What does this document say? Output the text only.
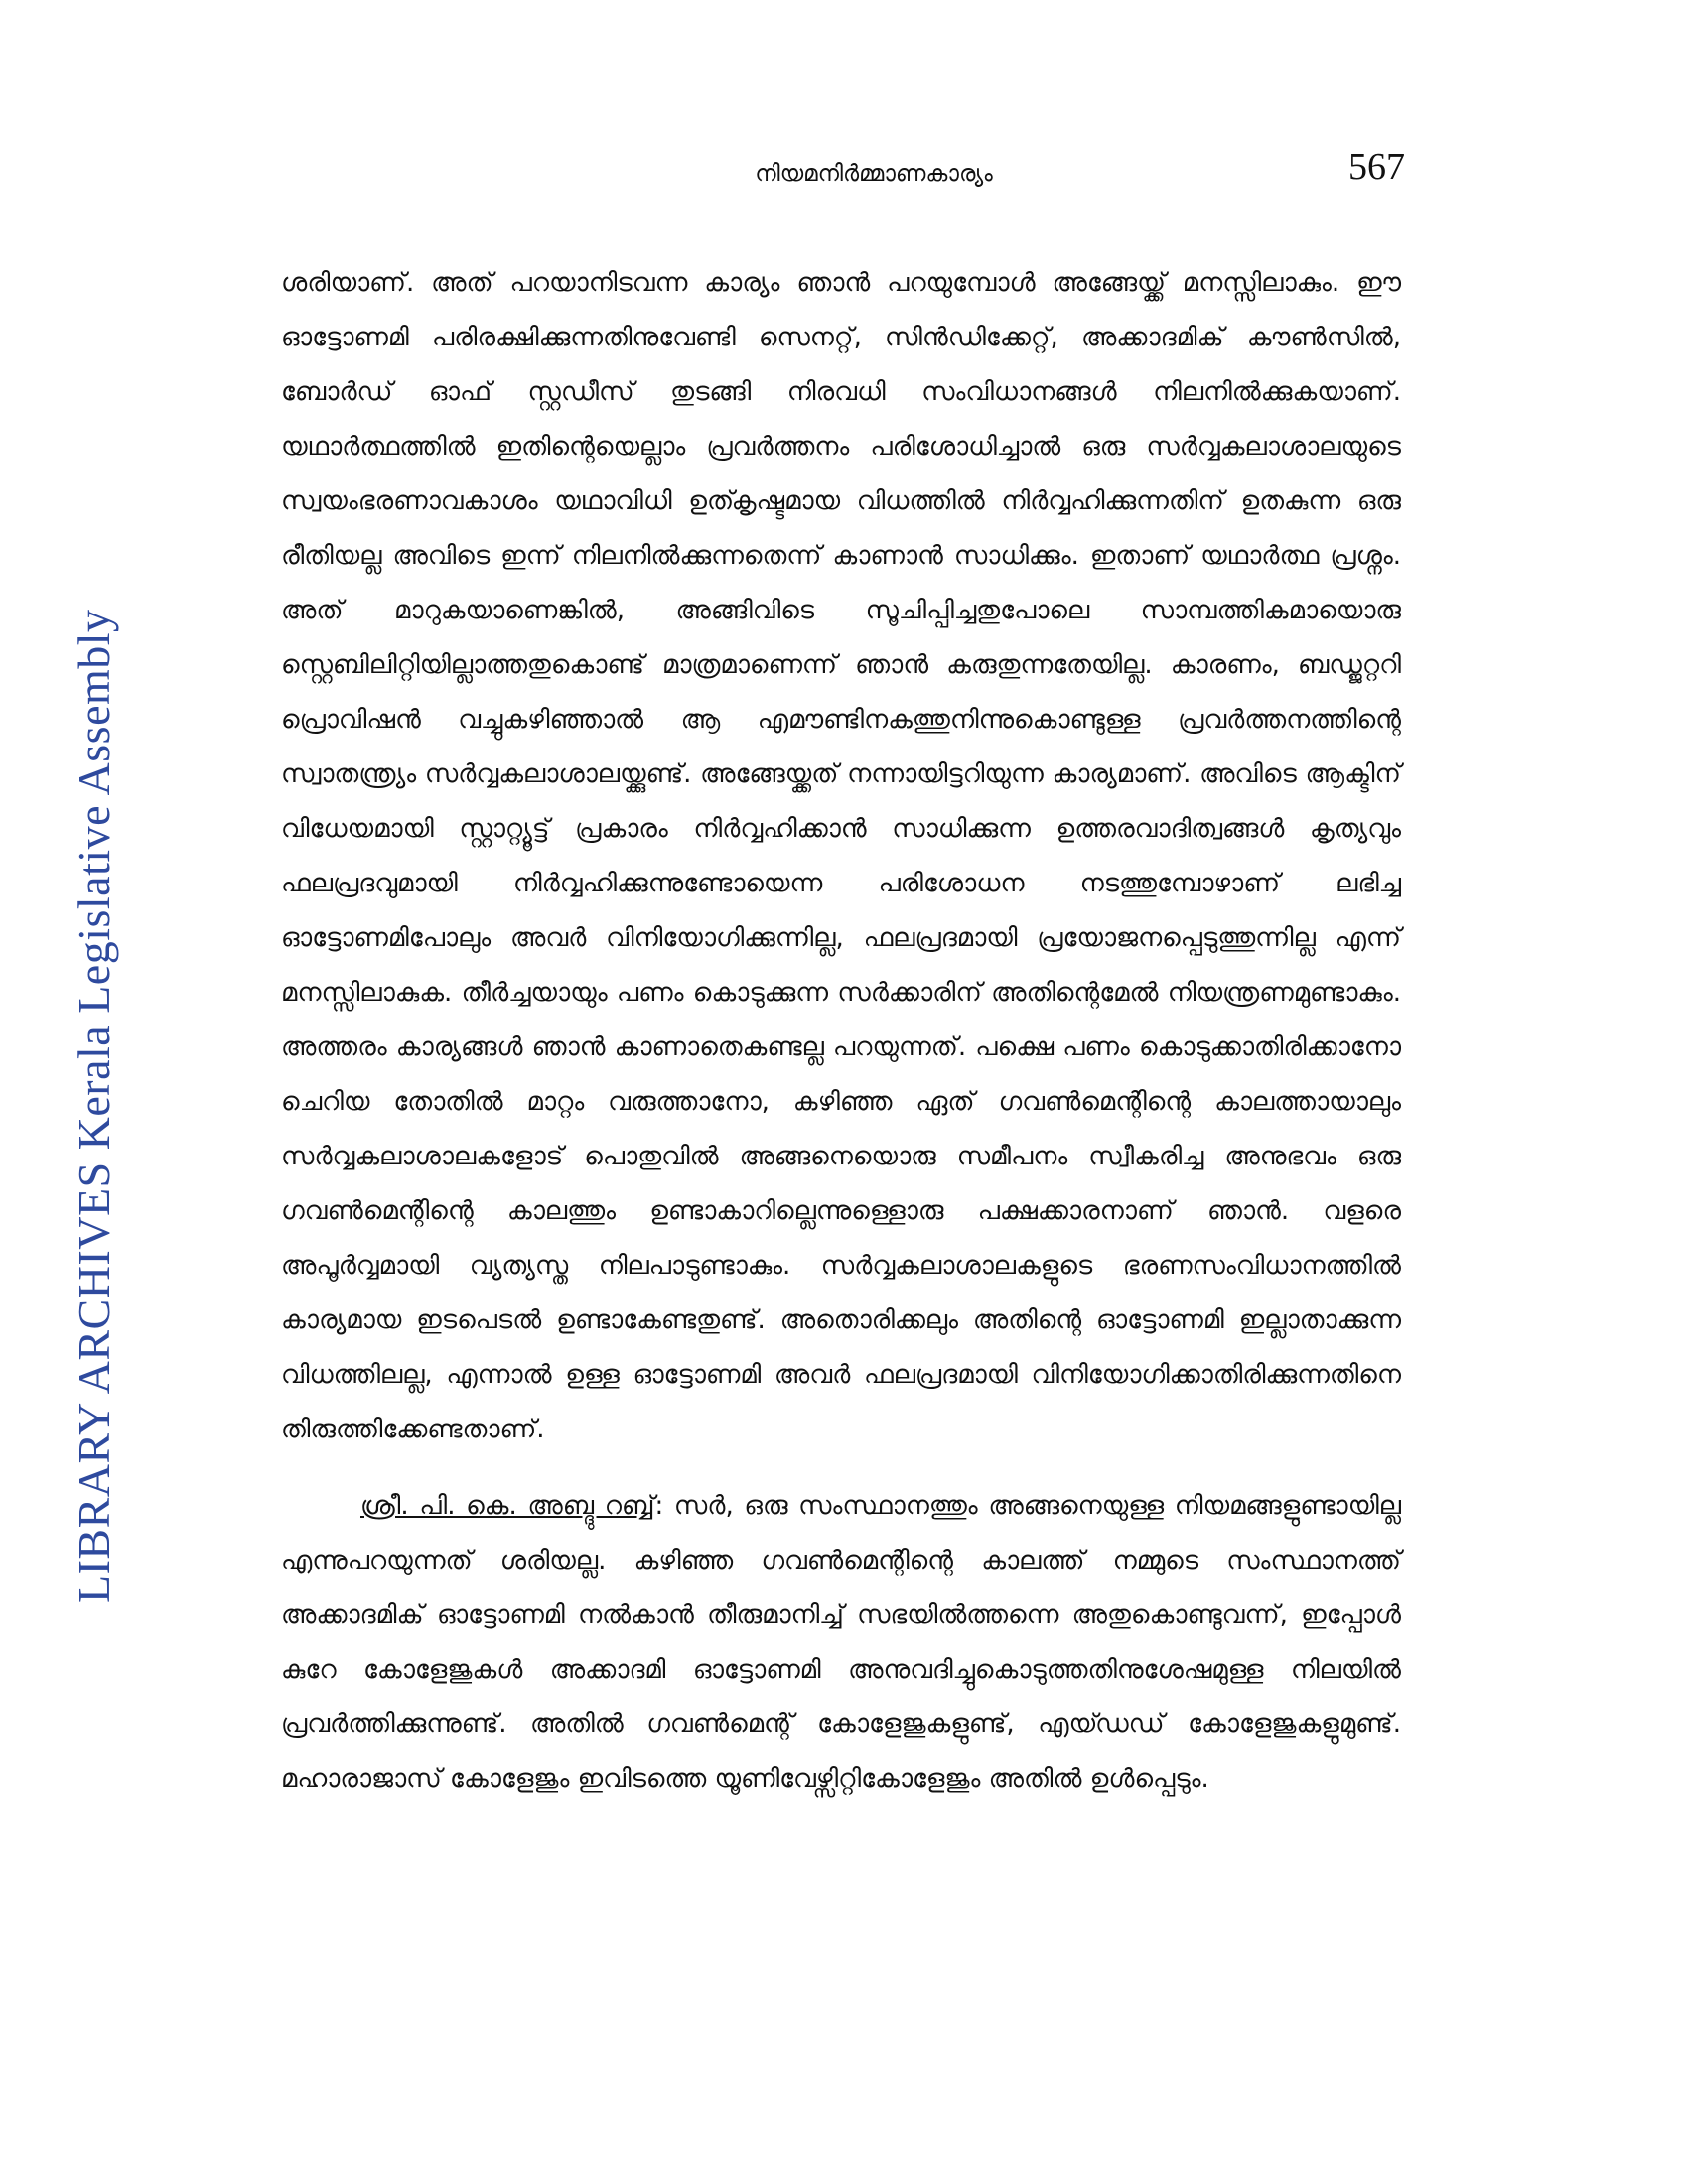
LIBRARY ARCHIVES Kerala Legislative Assembly
നിയമനിർമ്മാണകാര്യം	567

ശരിയാണ്. അത് പറയാനിടവന്ന കാര്യം ഞാൻ പറയുമ്പോൾ അങ്ങേയ്ക്ക് മനസ്സിലാകും. ഈ ഓട്ടോണമി പരിരക്ഷിക്കുന്നതിനുവേണ്ടി സെനറ്റ്, സിൻഡിക്കേറ്റ്, അക്കാദമിക് കൗൺസിൽ, ബോർഡ് ഓഫ് സ്റ്റഡീസ് തുടങ്ങി നിരവധി സംവിധാനങ്ങൾ നിലനിൽക്കുകയാണ്. യഥാർത്ഥത്തിൽ ഇതിന്റെയെല്ലാം പ്രവർത്തനം പരിശോധിച്ചാൽ ഒരു സർവ്വകലാശാലയുടെ സ്വയംഭരണാവകാശം യഥാവിധി ഉത്കൃഷ്ടമായ വിധത്തിൽ നിർവ്വഹിക്കുന്നതിന് ഉതകുന്ന ഒരു രീതിയല്ല അവിടെ ഇന്ന് നിലനിൽക്കുന്നതെന്ന് കാണാൻ സാധിക്കും. ഇതാണ് യഥാർത്ഥ പ്രശ്നം. അത് മാറുകയാണെങ്കിൽ, അങ്ങിവിടെ സൂചിപ്പിച്ചതുപോലെ സാമ്പത്തികമായൊരു സ്റ്റെബിലിറ്റിയില്ലാത്തതുകൊണ്ട് മാത്രമാണെന്ന് ഞാൻ കരുതുന്നതേയില്ല. കാരണം, ബഡ്ജറ്ററി പ്രൊവിഷൻ വച്ചുകഴിഞ്ഞാൽ ആ എമൗണ്ടിനകത്തുനിന്നുകൊണ്ടുള്ള പ്രവർത്തനത്തിന്റെ സ്വാതന്ത്ര്യം സർവ്വകലാശാലയ്ക്കുണ്ട്. അങ്ങേയ്ക്കത് നന്നായിട്ടറിയുന്ന കാര്യമാണ്. അവിടെ ആക്ടിന് വിധേയമായി സ്റ്റാറ്റ്യൂട്ട് പ്രകാരം നിർവ്വഹിക്കാൻ സാധിക്കുന്ന ഉത്തരവാദിത്വങ്ങൾ കൃത്യവും ഫലപ്രദവുമായി നിർവ്വഹിക്കുന്നുണ്ടോയെന്ന പരിശോധന നടത്തുമ്പോഴാണ് ലഭിച്ച ഓട്ടോണമിപോലും അവർ വിനിയോഗിക്കുന്നില്ല, ഫലപ്രദമായി പ്രയോജനപ്പെടുത്തുന്നില്ല എന്ന് മനസ്സിലാകുക. തീർച്ചയായും പണം കൊടുക്കുന്ന സർക്കാരിന് അതിന്റെമേൽ നിയന്ത്രണമുണ്ടാകും. അത്തരം കാര്യങ്ങൾ ഞാൻ കാണാതെകണ്ടല്ല പറയുന്നത്. പക്ഷെ പണം കൊടുക്കാതിരിക്കാനോ ചെറിയ തോതിൽ മാറ്റം വരുത്താനോ, കഴിഞ്ഞ ഏത് ഗവൺമെന്റിന്റെ കാലത്തായാലും സർവ്വകലാശാലകളോട് പൊതുവിൽ അങ്ങനെയൊരു സമീപനം സ്വീകരിച്ച അനുഭവം ഒരു ഗവൺമെന്റിന്റെ കാലത്തും ഉണ്ടാകാറില്ലെന്നുള്ളൊരു പക്ഷക്കാരനാണ് ഞാൻ. വളരെ അപൂർവ്വമായി വ്യത്യസ്ത നിലപാടുണ്ടാകും. സർവ്വകലാശാലകളുടെ ഭരണസംവിധാനത്തിൽ കാര്യമായ ഇടപെടൽ ഉണ്ടാകേണ്ടതുണ്ട്. അതൊരിക്കലും അതിന്റെ ഓട്ടോണമി ഇല്ലാതാക്കുന്ന വിധത്തിലല്ല, എന്നാൽ ഉള്ള ഓട്ടോണമി അവർ ഫലപ്രദമായി വിനിയോഗിക്കാതിരിക്കുന്നതിനെ തിരുത്തിക്കേണ്ടതാണ്.

ശ്രീ. പി. കെ. അബ്ദു റബ്ബ്: സർ, ഒരു സംസ്ഥാനത്തും അങ്ങനെയുള്ള നിയമങ്ങളുണ്ടായില്ല എന്നുപറയുന്നത് ശരിയല്ല. കഴിഞ്ഞ ഗവൺമെന്റിന്റെ കാലത്ത് നമ്മുടെ സംസ്ഥാനത്ത് അക്കാദമിക് ഓട്ടോണമി നൽകാൻ തീരുമാനിച്ച് സഭയിൽത്തന്നെ അതുകൊണ്ടുവന്ന്, ഇപ്പോൾ കുറേ കോളേജുകൾ അക്കാദമി ഓട്ടോണമി അനുവദിച്ചുകൊടുത്തതിനുശേഷമുള്ള നിലയിൽ പ്രവർത്തിക്കുന്നുണ്ട്. അതിൽ ഗവൺമെന്റ് കോളേജുകളുണ്ട്, എയ്ഡഡ് കോളേജുകളുമുണ്ട്. മഹാരാജാസ് കോളേജും ഇവിടത്തെ യൂണിവേഴ്സിറ്റികോളേജും അതിൽ ഉൾപ്പെടും.
